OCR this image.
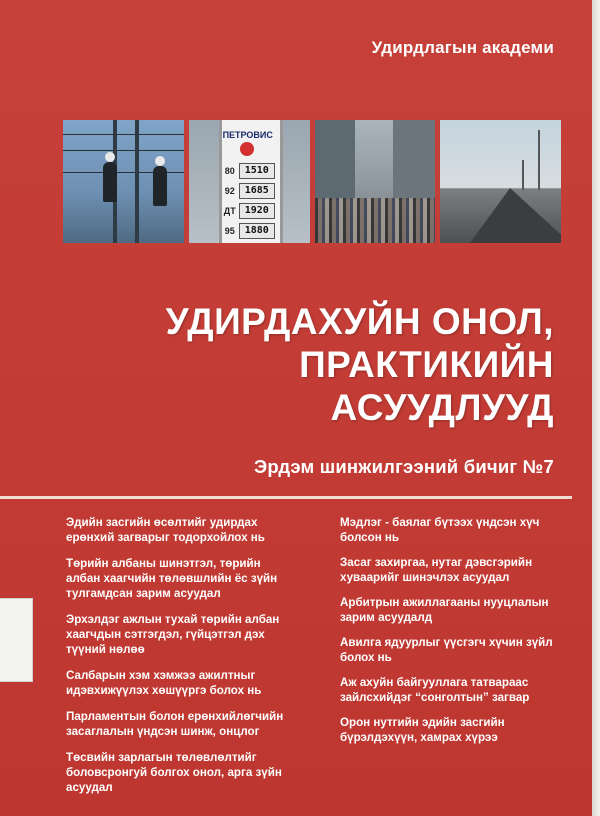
Удирдлагын академи
ПЕТРОВИС
80 1510
92 1685
ДТ 1920
95 1880
УДИРДАХУЙН ОНОЛ,
ПРАКТИКИЙН
АСУУДЛУУД
Эрдэм шинжилгээний бичиг №7
Эдийн засгийн өсөлтийг удирдах
ерөнхий загварыг тодорхойлох нь
Төрийн албаны шинэтгэл, төрийн
албан хаагчийн төлөвшлийн ёс зүйн
тулгамдсан зарим асуудал
Эрхэлдэг ажлын тухай төрийн албан
хаагчдын сэтгэгдэл, гүйцэтгэл дэх
түүний нөлөө
Салбарын хэм хэмжээ ажилтныг
идэвхижүүлэх хөшүүргэ болох нь
Парламентын болон ерөнхийлөгчийн
засаглалын үндсэн шинж, онцлог
Төсвийн зарлагын төлөвлөлтийг
боловсронгуй болгох онол, арга зүйн
асуудал
Мэдлэг - баялаг бүтээх үндсэн хүч
болсон нь
Засаг захиргаа, нутаг дэвсгэрийн
хувaарийг шинэчлэх асуудал
Арбитрын ажиллагааны нууцлалын
зарим асуудалд
Авилга ядуурлыг үүсгэгч хүчин зүйл
болох нь
Аж ахуйн байгууллага татвараас
зайлсхийдэг “сонголтын” загвар
Орон нутгийн эдийн засгийн
бүрэлдэхүүн, хамрах хүрээ
